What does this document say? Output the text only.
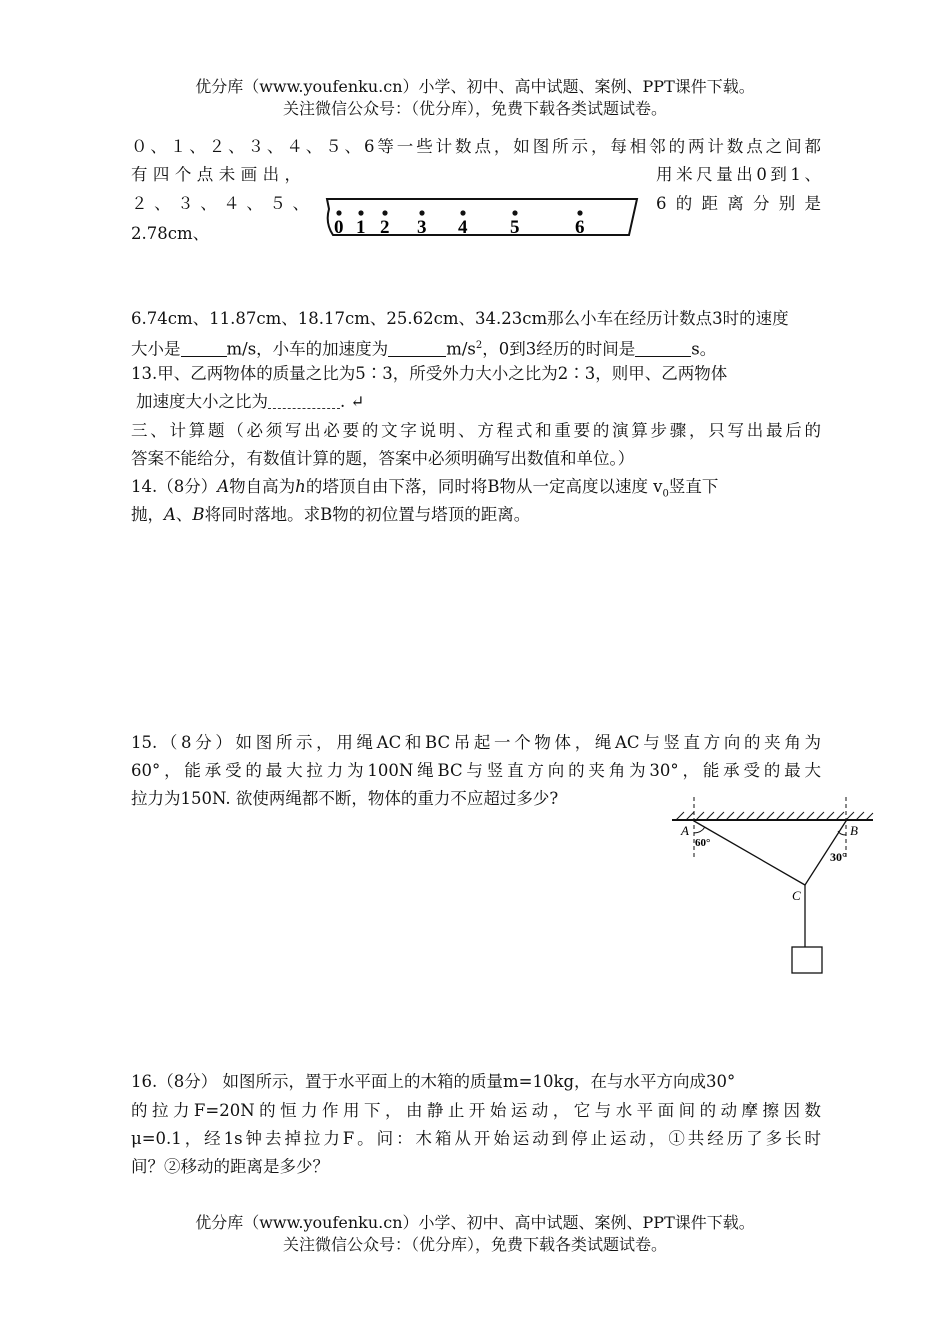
优分库（www.youfenku.cn）小学、初中、高中试题、案例、PPT课件下载。
关注微信公众号：（优分库），免费下载各类试题试卷。
０、１、２、３、４、５、6等一些计数点，如图所示，每相邻的两计数点之间都
有四个点未画出，	用米尺量出0到1、
２、３、４、５、	6的距离分别是
2.78cm、	0 1 2 3 4 5	6
6.74cm、11.87cm、18.17cm、25.62cm、34.23cm那么小车在经历计数点3时的速度
大小是	m/s，小车的加速度为	$m/s^2$，0到3经历的时间是	s。
13.甲、乙两物体的质量之比为5∶3，所受外力大小之比为2∶3，则甲、乙两物体
加速度大小之比为	. ↵
三、计算题（必须写出必要的文字说明、方程式和重要的演算步骤，只写出最后的
答案不能给分，有数值计算的题，答案中必须明确写出数值和单位。）
14.（8分）A物自高为h的塔顶自由下落，同时将B物从一定高度以速度 $v_0$竖直下
抛，A、B将同时落地。求B物的初位置与塔顶的距离。
15.（8分）如图所示，用绳AC和BC吊起一个物体，绳AC与竖直方向的夹角为
60°，能承受的最大拉力为100N绳BC与竖直方向的夹角为30°，能承受的最大
拉力为150N. 欲使两绳都不断，物体的重力不应超过多少?
A	B
C
60°
30°
16.（8分） 如图所示，置于水平面上的木箱的质量m=10kg，在与水平方向成30°
的拉力F=20N的恒力作用下，由静止开始运动，它与水平面间的动摩擦因数
μ=0.1，经1s钟去掉拉力F。问：木箱从开始运动到停止运动，①共经历了多长时
间？②移动的距离是多少？
优分库（www.youfenku.cn）小学、初中、高中试题、案例、PPT课件下载。
关注微信公众号：（优分库），免费下载各类试题试卷。
